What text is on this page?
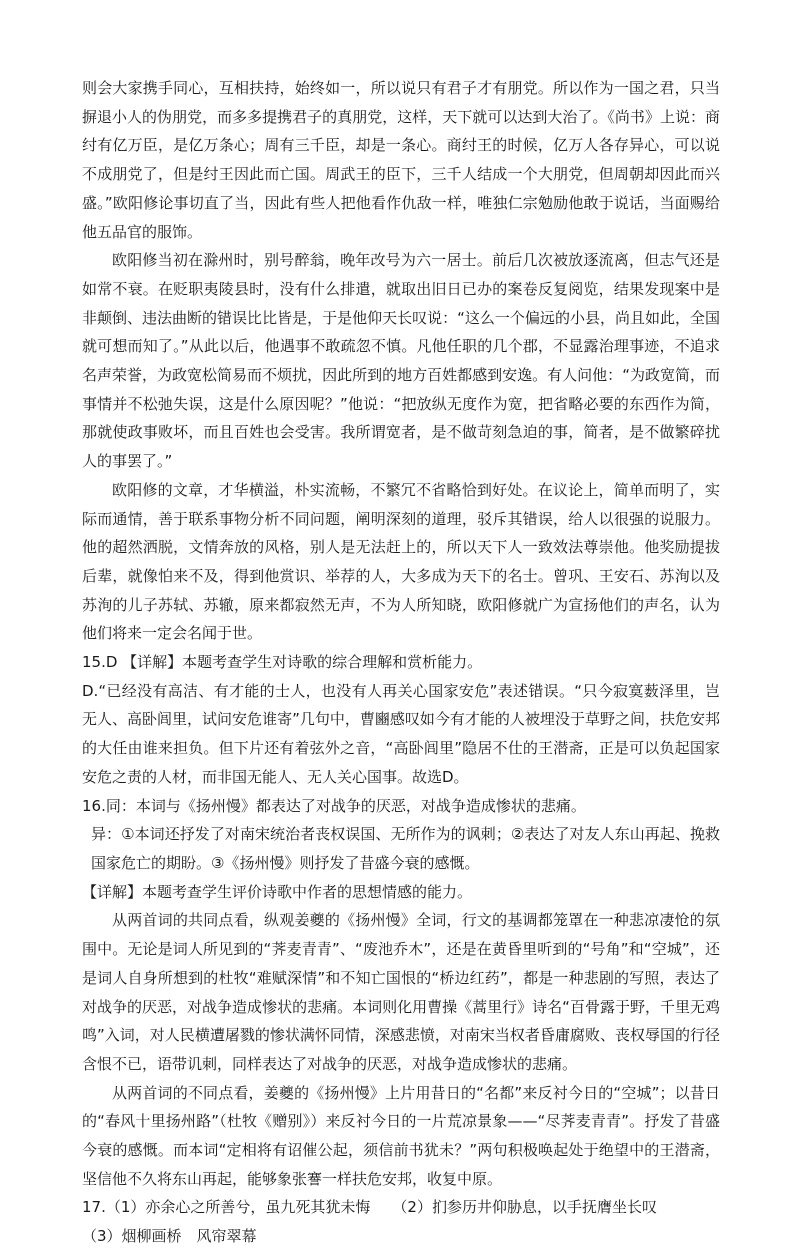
则会大家携手同心，互相扶持，始终如一，所以说只有君子才有朋党。所以作为一国之君，只当摒退小人的伪朋党，而多多提携君子的真朋党，这样，天下就可以达到大治了。《尚书》上说：商纣有亿万臣，是亿万条心；周有三千臣，却是一条心。商纣王的时候，亿万人各存异心，可以说不成朋党了，但是纣王因此而亡国。周武王的臣下，三千人结成一个大朋党，但周朝却因此而兴盛。”欧阳修论事切直了当，因此有些人把他看作仇敌一样，唯独仁宗勉励他敢于说话，当面赐给他五品官的服饰。

欧阳修当初在滁州时，别号醉翁，晚年改号为六一居士。前后几次被放逐流离，但志气还是如常不衰。在贬职夷陵县时，没有什么排遣，就取出旧日已办的案卷反复阅览，结果发现案中是非颠倒、违法曲断的错误比比皆是，于是他仰天长叹说：“这么一个偏远的小县，尚且如此，全国就可想而知了。”从此以后，他遇事不敢疏忽不慎。凡他任职的几个郡，不显露治理事迹，不追求名声荣誉，为政宽松简易而不烦扰，因此所到的地方百姓都感到安逸。有人问他：“为政宽简，而事情并不松弛失误，这是什么原因呢？”他说：“把放纵无度作为宽，把省略必要的东西作为简，那就使政事败坏，而且百姓也会受害。我所谓宽者，是不做苛刻急迫的事，简者，是不做繁碎扰人的事罢了。”

欧阳修的文章，才华横溢，朴实流畅，不繁冗不省略恰到好处。在议论上，简单而明了，实际而通情，善于联系事物分析不同问题，阐明深刻的道理，驳斥其错误，给人以很强的说服力。他的超然洒脱，文情奔放的风格，别人是无法赶上的，所以天下人一致效法尊崇他。他奖励提拔后辈，就像怕来不及，得到他赏识、举荐的人，大多成为天下的名士。曾巩、王安石、苏洵以及苏洵的儿子苏轼、苏辙，原来都寂然无声，不为人所知晓，欧阳修就广为宣扬他们的声名，认为他们将来一定会名闻于世。

15.D 【详解】本题考查学生对诗歌的综合理解和赏析能力。

D.“已经没有高洁、有才能的士人，也没有人再关心国家安危”表述错误。“只今寂寞薮泽里，岂无人、高卧闾里，试问安危谁寄”几句中，曹豳感叹如今有才能的人被埋没于草野之间，扶危安邦的大任由谁来担负。但下片还有着弦外之音，“高卧闾里”隐居不仕的王潜斋，正是可以负起国家安危之责的人材，而非国无能人、无人关心国事。故选D。

16.同：本词与《扬州慢》都表达了对战争的厌恶，对战争造成惨状的悲痛。

异：①本词还抒发了对南宋统治者丧权误国、无所作为的讽刺；②表达了对友人东山再起、挽救国家危亡的期盼。③《扬州慢》则抒发了昔盛今衰的感慨。

【详解】本题考查学生评价诗歌中作者的思想情感的能力。

从两首词的共同点看，纵观姜夔的《扬州慢》全词，行文的基调都笼罩在一种悲凉凄怆的氛围中。无论是词人所见到的“荠麦青青”、“废池乔木”，还是在黄昏里听到的“号角”和“空城”，还是词人自身所想到的杜牧“难赋深情”和不知亡国恨的“桥边红药”，都是一种悲剧的写照，表达了对战争的厌恶，对战争造成惨状的悲痛。本词则化用曹操《蒿里行》诗名“百骨露于野，千里无鸡鸣”入词，对人民横遭屠戮的惨状满怀同情，深感悲愤，对南宋当权者昏庸腐败、丧权辱国的行径含恨不已，语带讥刺，同样表达了对战争的厌恶，对战争造成惨状的悲痛。

从两首词的不同点看，姜夔的《扬州慢》上片用昔日的“名都”来反衬今日的“空城”；以昔日的“春风十里扬州路”（杜牧《赠别》）来反衬今日的一片荒凉景象——“尽荠麦青青”。抒发了昔盛今衰的感慨。而本词“定相将有诏催公起，须信前书犹未？”两句积极唤起处于绝望中的王潜斋，坚信他不久将东山再起，能够象张謇一样扶危安邦，收复中原。

17.（1）亦余心之所善兮，虽九死其犹未悔 （2）扪参历井仰胁息，以手抚膺坐长叹

（3）烟柳画桥　风帘翠幕
